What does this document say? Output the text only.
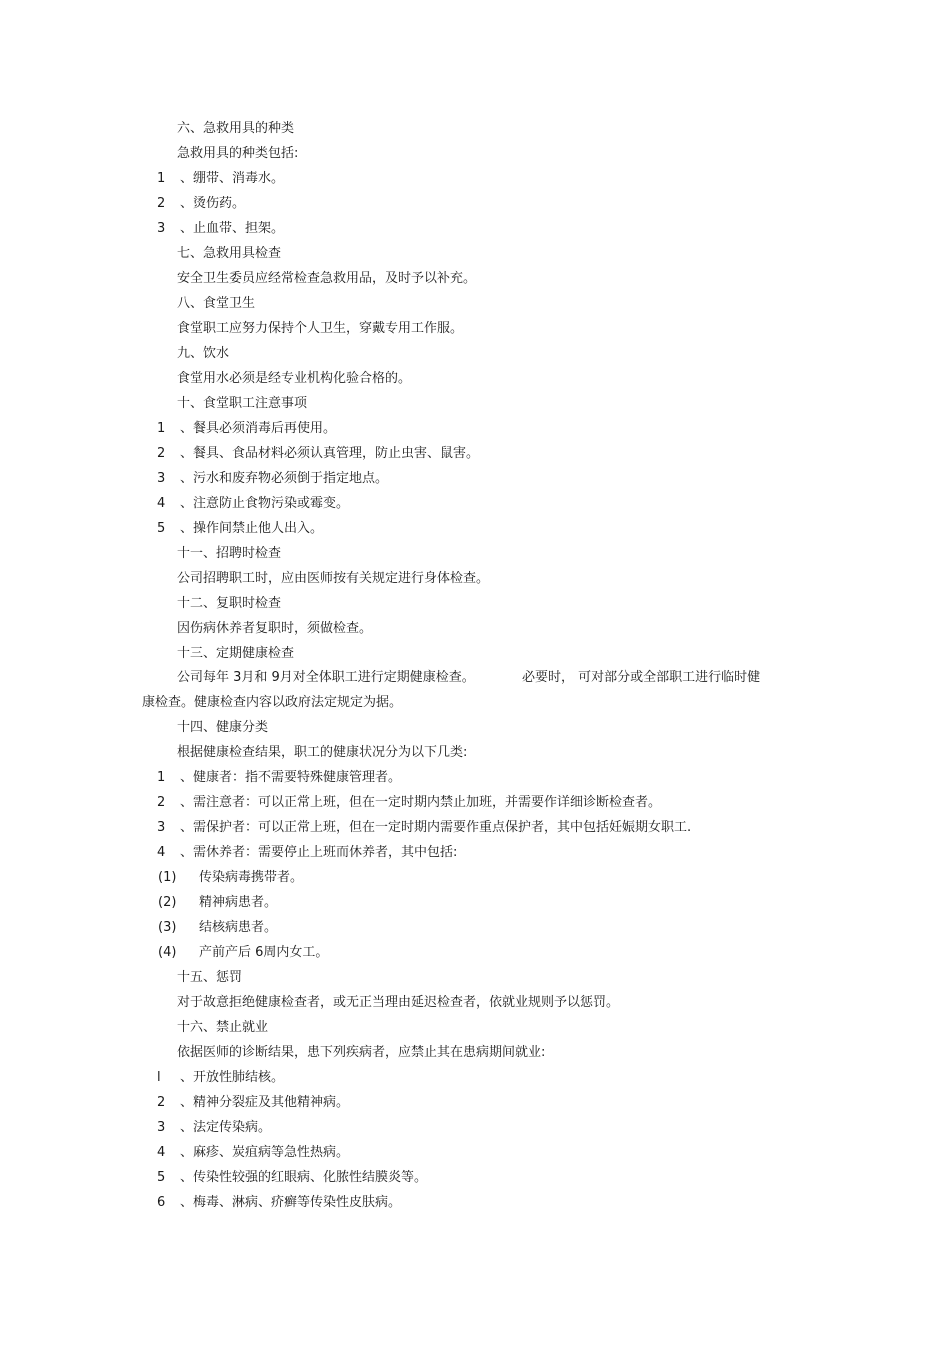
六、急救用具的种类
急救用具的种类包括:
1 、绷带、消毒水。
2 、烫伤药。
3 、止血带、担架。
七、急救用具检查
安全卫生委员应经常检查急救用品，及时予以补充。
八、食堂卫生
食堂职工应努力保持个人卫生，穿戴专用工作服。
九、饮水
食堂用水必须是经专业机构化验合格的。
十、食堂职工注意事项
1 、餐具必须消毒后再使用。
2 、餐具、食品材料必须认真管理，防止虫害、鼠害。
3 、污水和废弃物必须倒于指定地点。
4 、注意防止食物污染或霉变。
5 、操作间禁止他人出入。
十一、招聘时检查
公司招聘职工时，应由医师按有关规定进行身体检查。
十二、复职时检查
因伤病休养者复职时，须做检查。
十三、定期健康检查
十四、健康分类
根据健康检查结果，职工的健康状况分为以下几类:
1 、健康者：指不需要特殊健康管理者。
2 、需注意者：可以正常上班，但在一定时期内禁止加班，并需要作详细诊断检查者。
3 、需保护者：可以正常上班，但在一定时期内需要作重点保护者，其中包括妊娠期女职工.
4 、需休养者：需要停止上班而休养者，其中包括:
(1) 传染病毒携带者。
(2) 精神病患者。
(3) 结核病患者。
(4) 产前产后 6周内女工。
十五、惩罚
对于故意拒绝健康检查者，或无正当理由延迟检查者，依就业规则予以惩罚。
十六、禁止就业
依据医师的诊断结果，患下列疾病者，应禁止其在患病期间就业:
l 、开放性肺结核。
2 、精神分裂症及其他精神病。
3 、法定传染病。
4 、麻疹、炭疽病等急性热病。
5 、传染性较强的红眼病、化脓性结膜炎等。
6 、梅毒、淋病、疥癣等传染性皮肤病。
公司每年 3月和 9月对全体职工进行定期健康检查。	必要时， 可对部分或全部职工进行临时健
康检查。健康检查内容以政府法定规定为据。
